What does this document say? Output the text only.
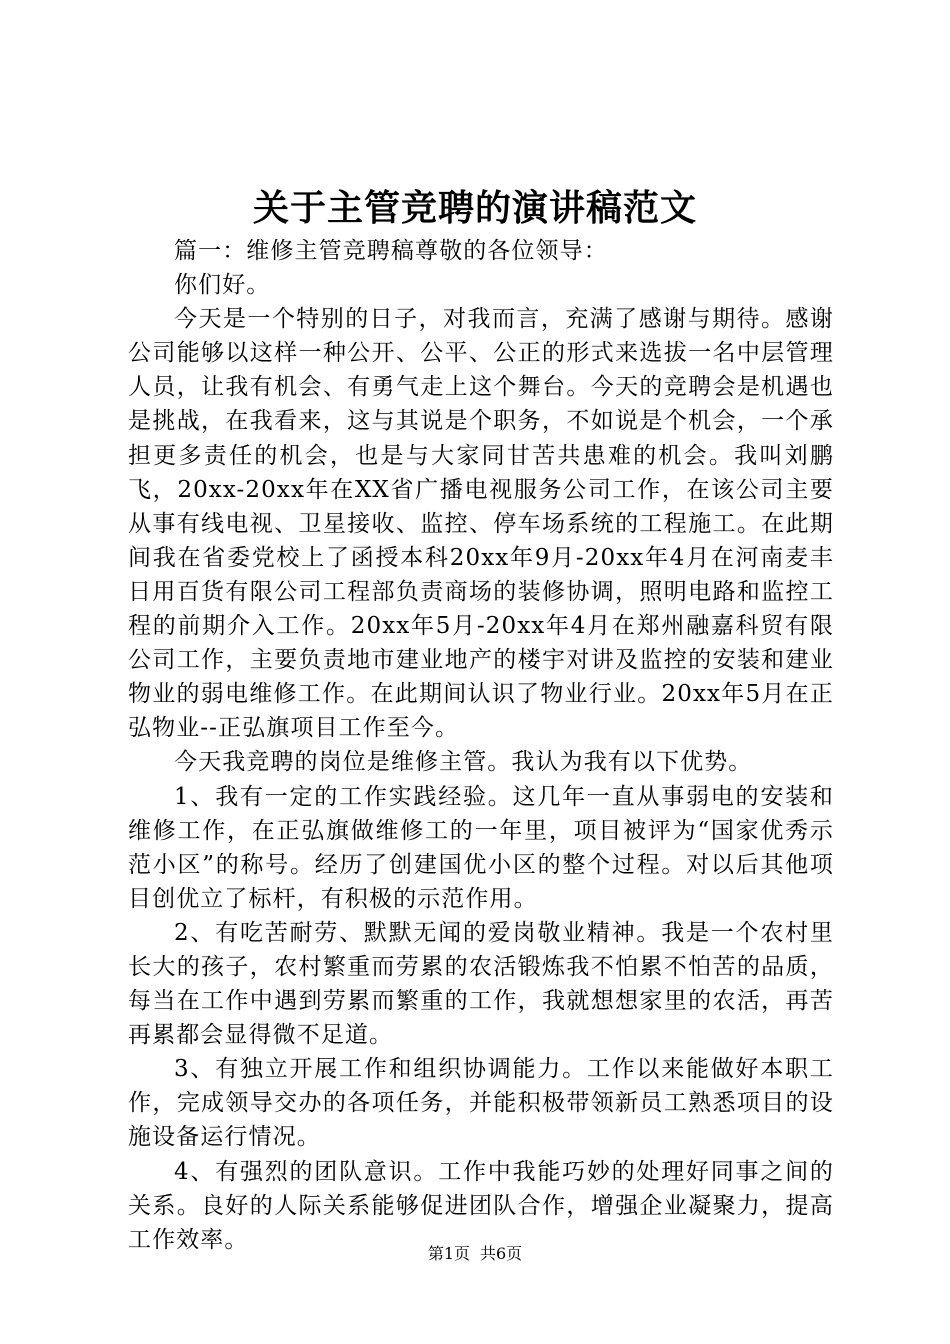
关于主管竞聘的演讲稿范文

篇一：维修主管竞聘稿尊敬的各位领导：

你们好。

今天是一个特别的日子，对我而言，充满了感谢与期待。感谢公司能够以这样一种公开、公平、公正的形式来选拔一名中层管理人员，让我有机会、有勇气走上这个舞台。今天的竞聘会是机遇也是挑战，在我看来，这与其说是个职务，不如说是个机会，一个承担更多责任的机会，也是与大家同甘苦共患难的机会。我叫刘鹏飞，20xx-20xx年在XX省广播电视服务公司工作，在该公司主要从事有线电视、卫星接收、监控、停车场系统的工程施工。在此期间我在省委党校上了函授本科20xx年9月-20xx年4月在河南麦丰日用百货有限公司工程部负责商场的装修协调，照明电路和监控工程的前期介入工作。20xx年5月-20xx年4月在郑州融嘉科贸有限公司工作，主要负责地市建业地产的楼宇对讲及监控的安装和建业物业的弱电维修工作。在此期间认识了物业行业。20xx年5月在正弘物业--正弘旗项目工作至今。

今天我竞聘的岗位是维修主管。我认为我有以下优势。

1、我有一定的工作实践经验。这几年一直从事弱电的安装和维修工作，在正弘旗做维修工的一年里，项目被评为“国家优秀示范小区”的称号。经历了创建国优小区的整个过程。对以后其他项目创优立了标杆，有积极的示范作用。

2、有吃苦耐劳、默默无闻的爱岗敬业精神。我是一个农村里长大的孩子，农村繁重而劳累的农活锻炼我不怕累不怕苦的品质，每当在工作中遇到劳累而繁重的工作，我就想想家里的农活，再苦再累都会显得微不足道。

3、有独立开展工作和组织协调能力。工作以来能做好本职工作，完成领导交办的各项任务，并能积极带领新员工熟悉项目的设施设备运行情况。

4、有强烈的团队意识。工作中我能巧妙的处理好同事之间的关系。良好的人际关系能够促进团队合作，增强企业凝聚力，提高工作效率。

第1页 共6页
